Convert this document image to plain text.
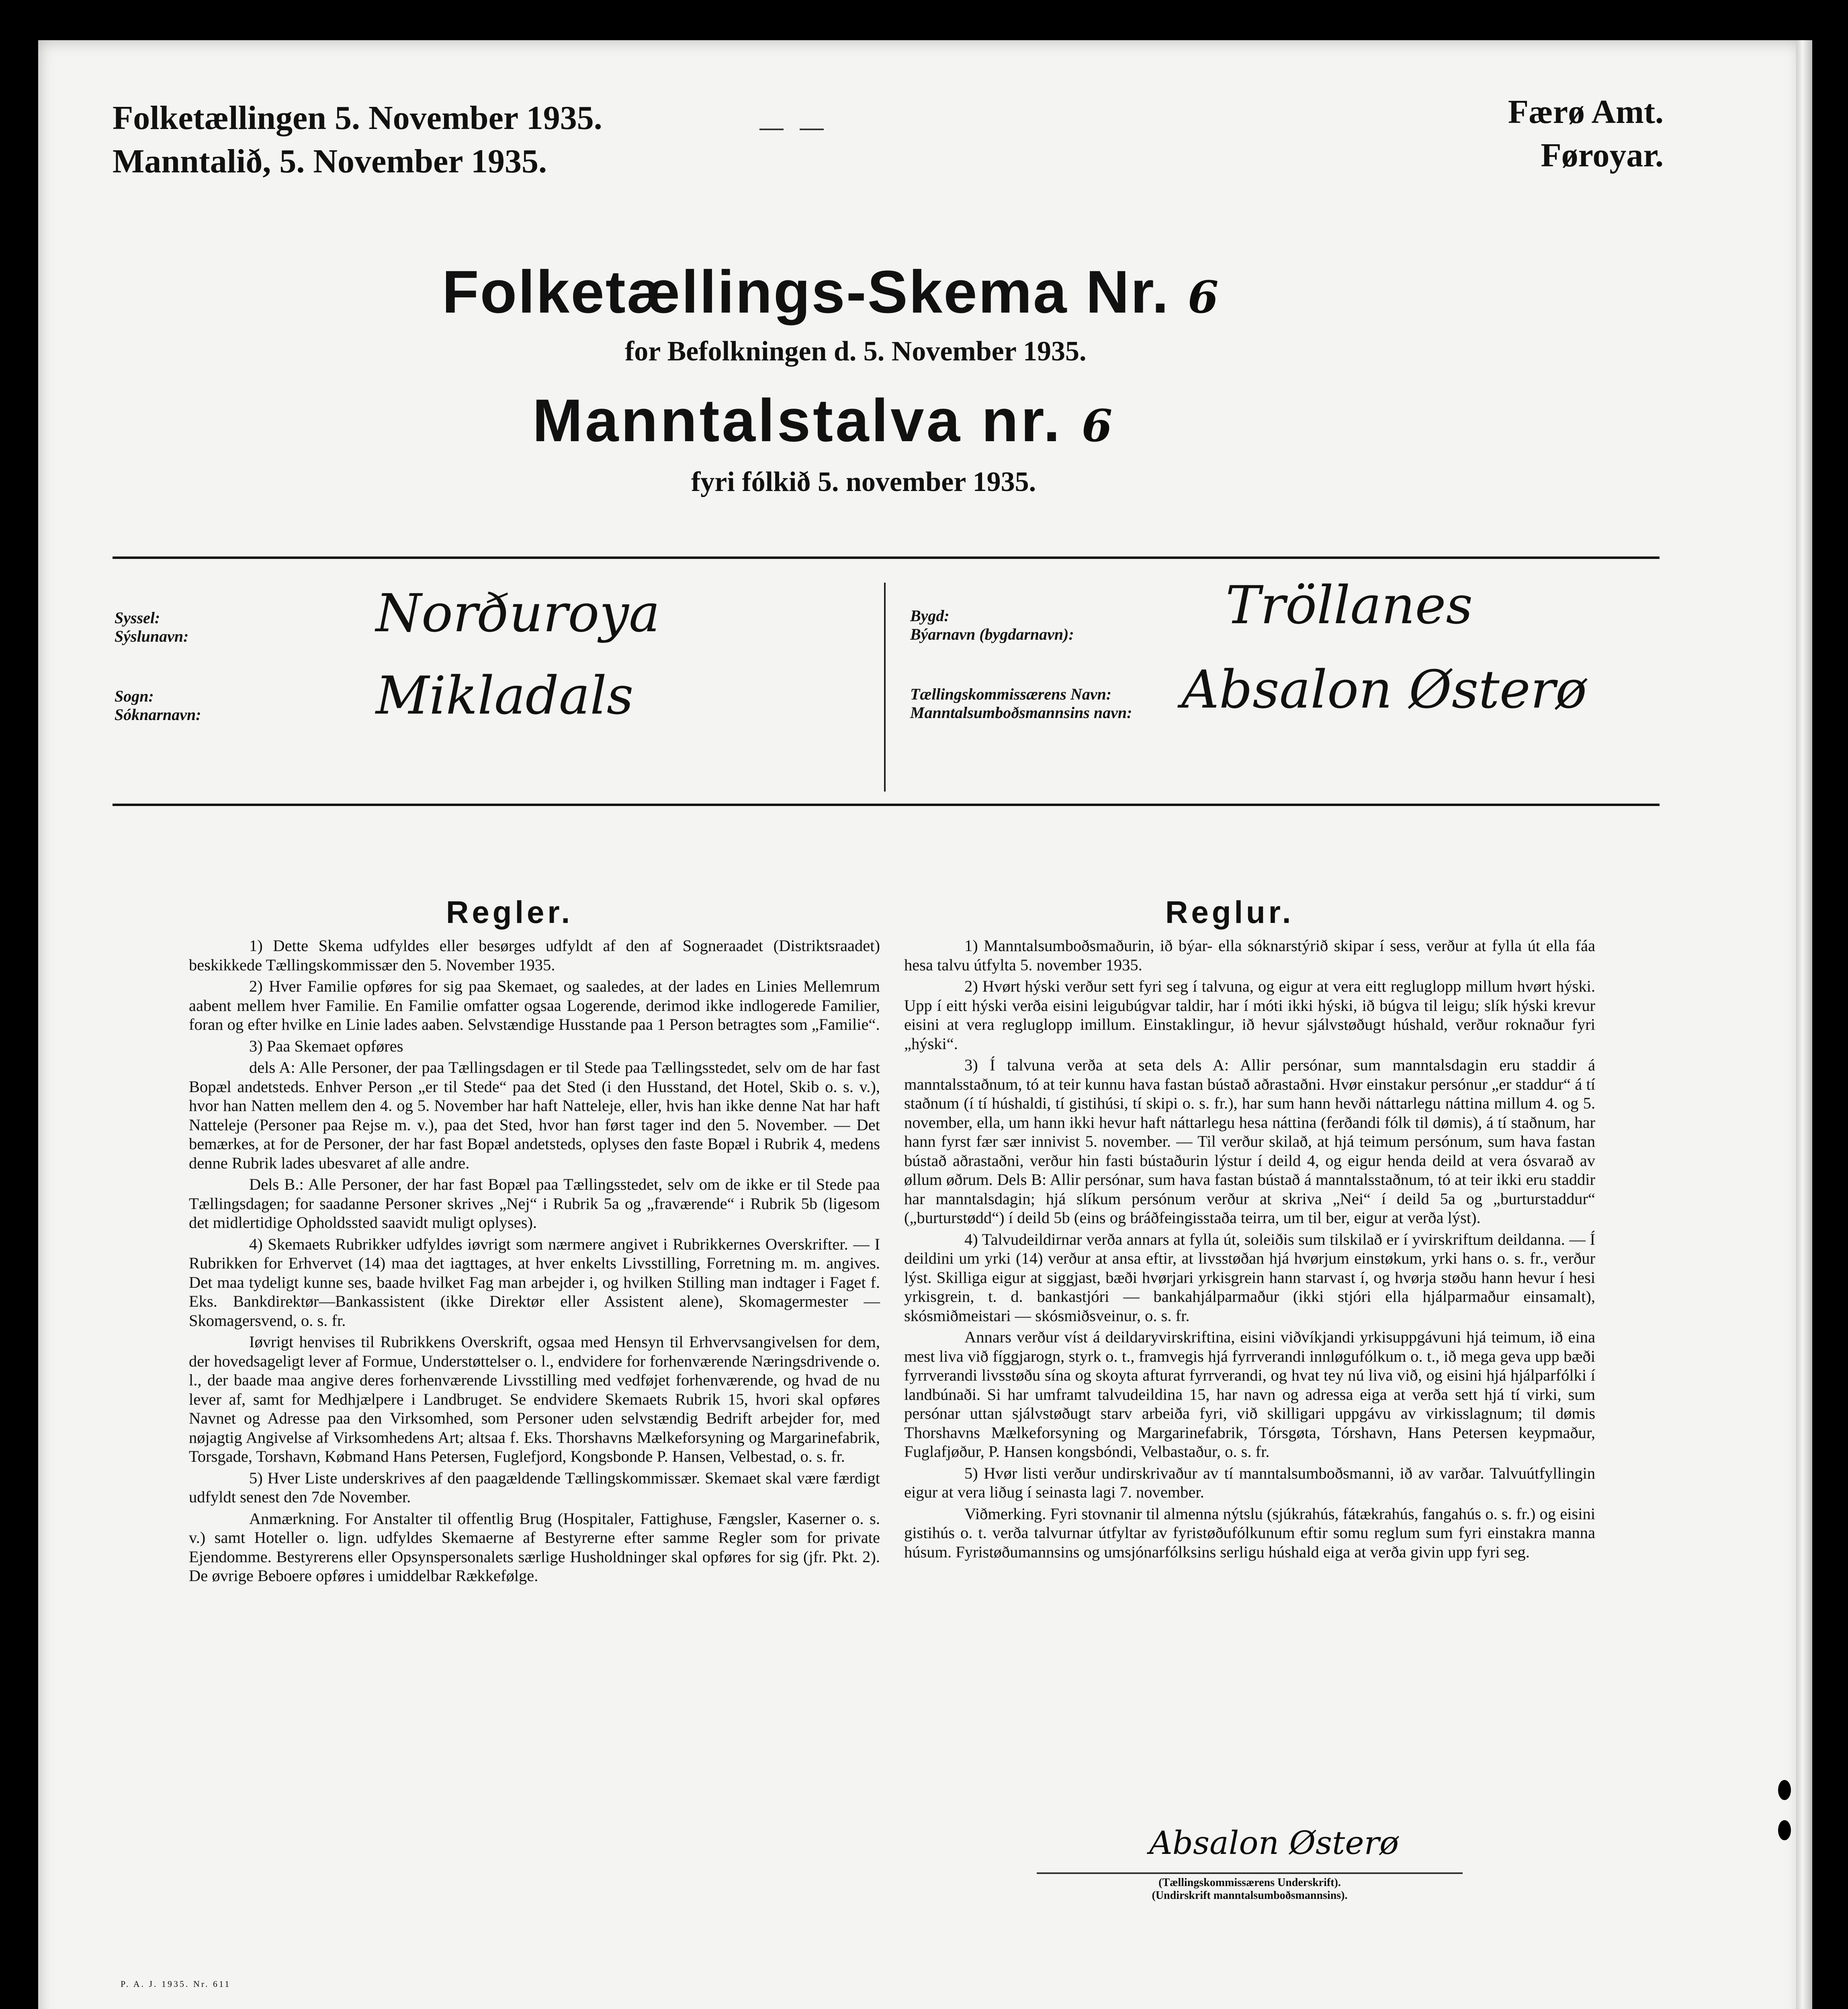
Folketællingen 5. November 1935.
Manntalið, 5. November 1935.
Færø Amt.
Føroyar.
Folketællings-Skema Nr. 6
for Befolkningen d. 5. November 1935.
Manntalstalva nr. 6
fyri fólkið 5. november 1935.
Syssel:
Sýslunavn:	Norðuroya
Sogn:
Sóknarnavn:	Mikladals
Bygd:
Býarnavn (bygdarnavn):	Tröllanes
Tællingskommissærens Navn:
Manntalsumboðsmannsins navn: Absalon Østerø
Regler.

1) Dette Skema udfyldes eller besørges udfyldt af den af Sogneraadet (Distriktsraadet) beskikkede Tællingskommissær den 5. November 1935.

2) Hver Familie opføres for sig paa Skemaet, og saaledes, at der lades en Linies Mellemrum aabent mellem hver Familie. En Familie omfatter ogsaa Logerende, derimod ikke indlogerede Familier, foran og efter hvilke en Linie lades aaben. Selvstændige Husstande paa 1 Person betragtes som „Familie“.

3) Paa Skemaet opføres

dels A: Alle Personer, der paa Tællingsdagen er til Stede paa Tællingsstedet, selv om de har fast Bopæl andetsteds. Enhver Person „er til Stede“ paa det Sted (i den Husstand, det Hotel, Skib o. s. v.), hvor han Natten mellem den 4. og 5. November har haft Natteleje, eller, hvis han ikke denne Nat har haft Natteleje (Personer paa Rejse m. v.), paa det Sted, hvor han først tager ind den 5. November. — Det bemærkes, at for de Personer, der har fast Bopæl andetsteds, oplyses den faste Bopæl i Rubrik 4, medens denne Rubrik lades ubesvaret af alle andre.

Dels B.: Alle Personer, der har fast Bopæl paa Tællingsstedet, selv om de ikke er til Stede paa Tællingsdagen; for saadanne Personer skrives „Nej“ i Rubrik 5a og „fraværende“ i Rubrik 5b (ligesom det midlertidige Opholdssted saavidt muligt oplyses).

4) Skemaets Rubrikker udfyldes iøvrigt som nærmere angivet i Rubrikkernes Overskrifter. — I Rubrikken for Erhvervet (14) maa det iagttages, at hver enkelts Livsstilling, Forretning m. m. angives. Det maa tydeligt kunne ses, baade hvilket Fag man arbejder i, og hvilken Stilling man indtager i Faget f. Eks. Bankdirektør—Bankassistent (ikke Direktør eller Assistent alene), Skomagermester — Skomagersvend, o. s. fr.

Iøvrigt henvises til Rubrikkens Overskrift, ogsaa med Hensyn til Erhvervsangivelsen for dem, der hovedsageligt lever af Formue, Understøttelser o. l., endvidere for forhenværende Næringsdrivende o. l., der baade maa angive deres forhenværende Livsstilling med vedføjet forhenværende, og hvad de nu lever af, samt for Medhjælpere i Landbruget. Se endvidere Skemaets Rubrik 15, hvori skal opføres Navnet og Adresse paa den Virksomhed, som Personer uden selvstændig Bedrift arbejder for, med nøjagtig Angivelse af Virksomhedens Art; altsaa f. Eks. Thorshavns Mælkeforsyning og Margarinefabrik, Torsgade, Torshavn, Købmand Hans Petersen, Fuglefjord, Kongsbonde P. Hansen, Velbestad, o. s. fr.

5) Hver Liste underskrives af den paagældende Tællingskommissær. Skemaet skal være færdigt udfyldt senest den 7de November.

Anmærkning. For Anstalter til offentlig Brug (Hospitaler, Fattighuse, Fængsler, Kaserner o. s. v.) samt Hoteller o. lign. udfyldes Skemaerne af Bestyrerne efter samme Regler som for private Ejendomme. Bestyrerens eller Opsynspersonalets særlige Husholdninger skal opføres for sig (jfr. Pkt. 2). De øvrige Beboere opføres i umiddelbar Rækkefølge.

Reglur.

1) Manntalsumboðsmaðurin, ið býar- ella sóknarstýrið skipar í sess, verður at fylla út ella fáa hesa talvu útfylta 5. november 1935.

2) Hvørt hýski verður sett fyri seg í talvuna, og eigur at vera eitt regluglopp millum hvørt hýski. Upp í eitt hýski verða eisini leigubúgvar taldir, har í móti ikki hýski, ið búgva til leigu; slík hýski krevur eisini at vera regluglopp imillum. Einstaklingur, ið hevur sjálvstøðugt húshald, verður roknaður fyri „hýski“.

3) Í talvuna verða at seta dels A: Allir persónar, sum manntalsdagin eru staddir á manntalsstaðnum, tó at teir kunnu hava fastan bústað aðrastaðni. Hvør einstakur persónur „er staddur“ á tí staðnum (í tí húshaldi, tí gistihúsi, tí skipi o. s. fr.), har sum hann hevði náttarlegu náttina millum 4. og 5. november, ella, um hann ikki hevur haft náttarlegu hesa náttina (ferðandi fólk til dømis), á tí staðnum, har hann fyrst fær sær innivist 5. november. — Til verður skilað, at hjá teimum persónum, sum hava fastan bústað aðrastaðni, verður hin fasti bústaðurin lýstur í deild 4, og eigur henda deild at vera ósvarað av øllum øðrum. Dels B: Allir persónar, sum hava fastan bústað á manntalsstaðnum, tó at teir ikki eru staddir har manntalsdagin; hjá slíkum persónum verður at skriva „Nei“ í deild 5a og „burturstaddur“ („burturstødd“) í deild 5b (eins og bráðfeingisstaða teirra, um til ber, eigur at verða lýst).

4) Talvudeildirnar verða annars at fylla út, soleiðis sum tilskilað er í yvirskriftum deildanna. — Í deildini um yrki (14) verður at ansa eftir, at livsstøðan hjá hvørjum einstøkum, yrki hans o. s. fr., verður lýst. Skilliga eigur at siggjast, bæði hvørjari yrkisgrein hann starvast í, og hvørja støðu hann hevur í hesi yrkisgrein, t. d. bankastjóri — bankahjálparmaður (ikki stjóri ella hjálparmaður einsamalt), skósmiðmeistari — skósmiðsveinur, o. s. fr.

Annars verður víst á deildaryvirskriftina, eisini viðvíkjandi yrkisuppgávuni hjá teimum, ið eina mest liva við fíggjarogn, styrk o. t., framvegis hjá fyrrverandi innløgufólkum o. t., ið mega geva upp bæði fyrrverandi livsstøðu sína og skoyta afturat fyrrverandi, og hvat tey nú liva við, og eisini hjá hjálparfólki í landbúnaði. Si har umframt talvudeildina 15, har navn og adressa eiga at verða sett hjá tí virki, sum persónar uttan sjálvstøðugt starv arbeiða fyri, við skilligari uppgávu av virkisslagnum; til dømis Thorshavns Mælkeforsyning og Margarinefabrik, Tórsgøta, Tórshavn, Hans Petersen keypmaður, Fuglafjøður, P. Hansen kongsbóndi, Velbastaður, o. s. fr.

5) Hvør listi verður undirskrivaður av tí manntalsumboðsmanni, ið av varðar. Talvuútfyllingin eigur at vera liðug í seinasta lagi 7. november.

Viðmerking. Fyri stovnanir til almenna nýtslu (sjúkrahús, fátækrahús, fangahús o. s. fr.) og eisini gistihús o. t. verða talvurnar útfyltar av fyristøðufólkunum eftir somu reglum sum fyri einstakra manna húsum. Fyristøðumannsins og umsjónarfólksins serligu húshald eiga at verða givin upp fyri seg.

Absalon Østerø
(Tællingskommissærens Underskrift).
(Undirskrift manntalsumboðsmannsins).
P. A. J. 1935. Nr. 611
